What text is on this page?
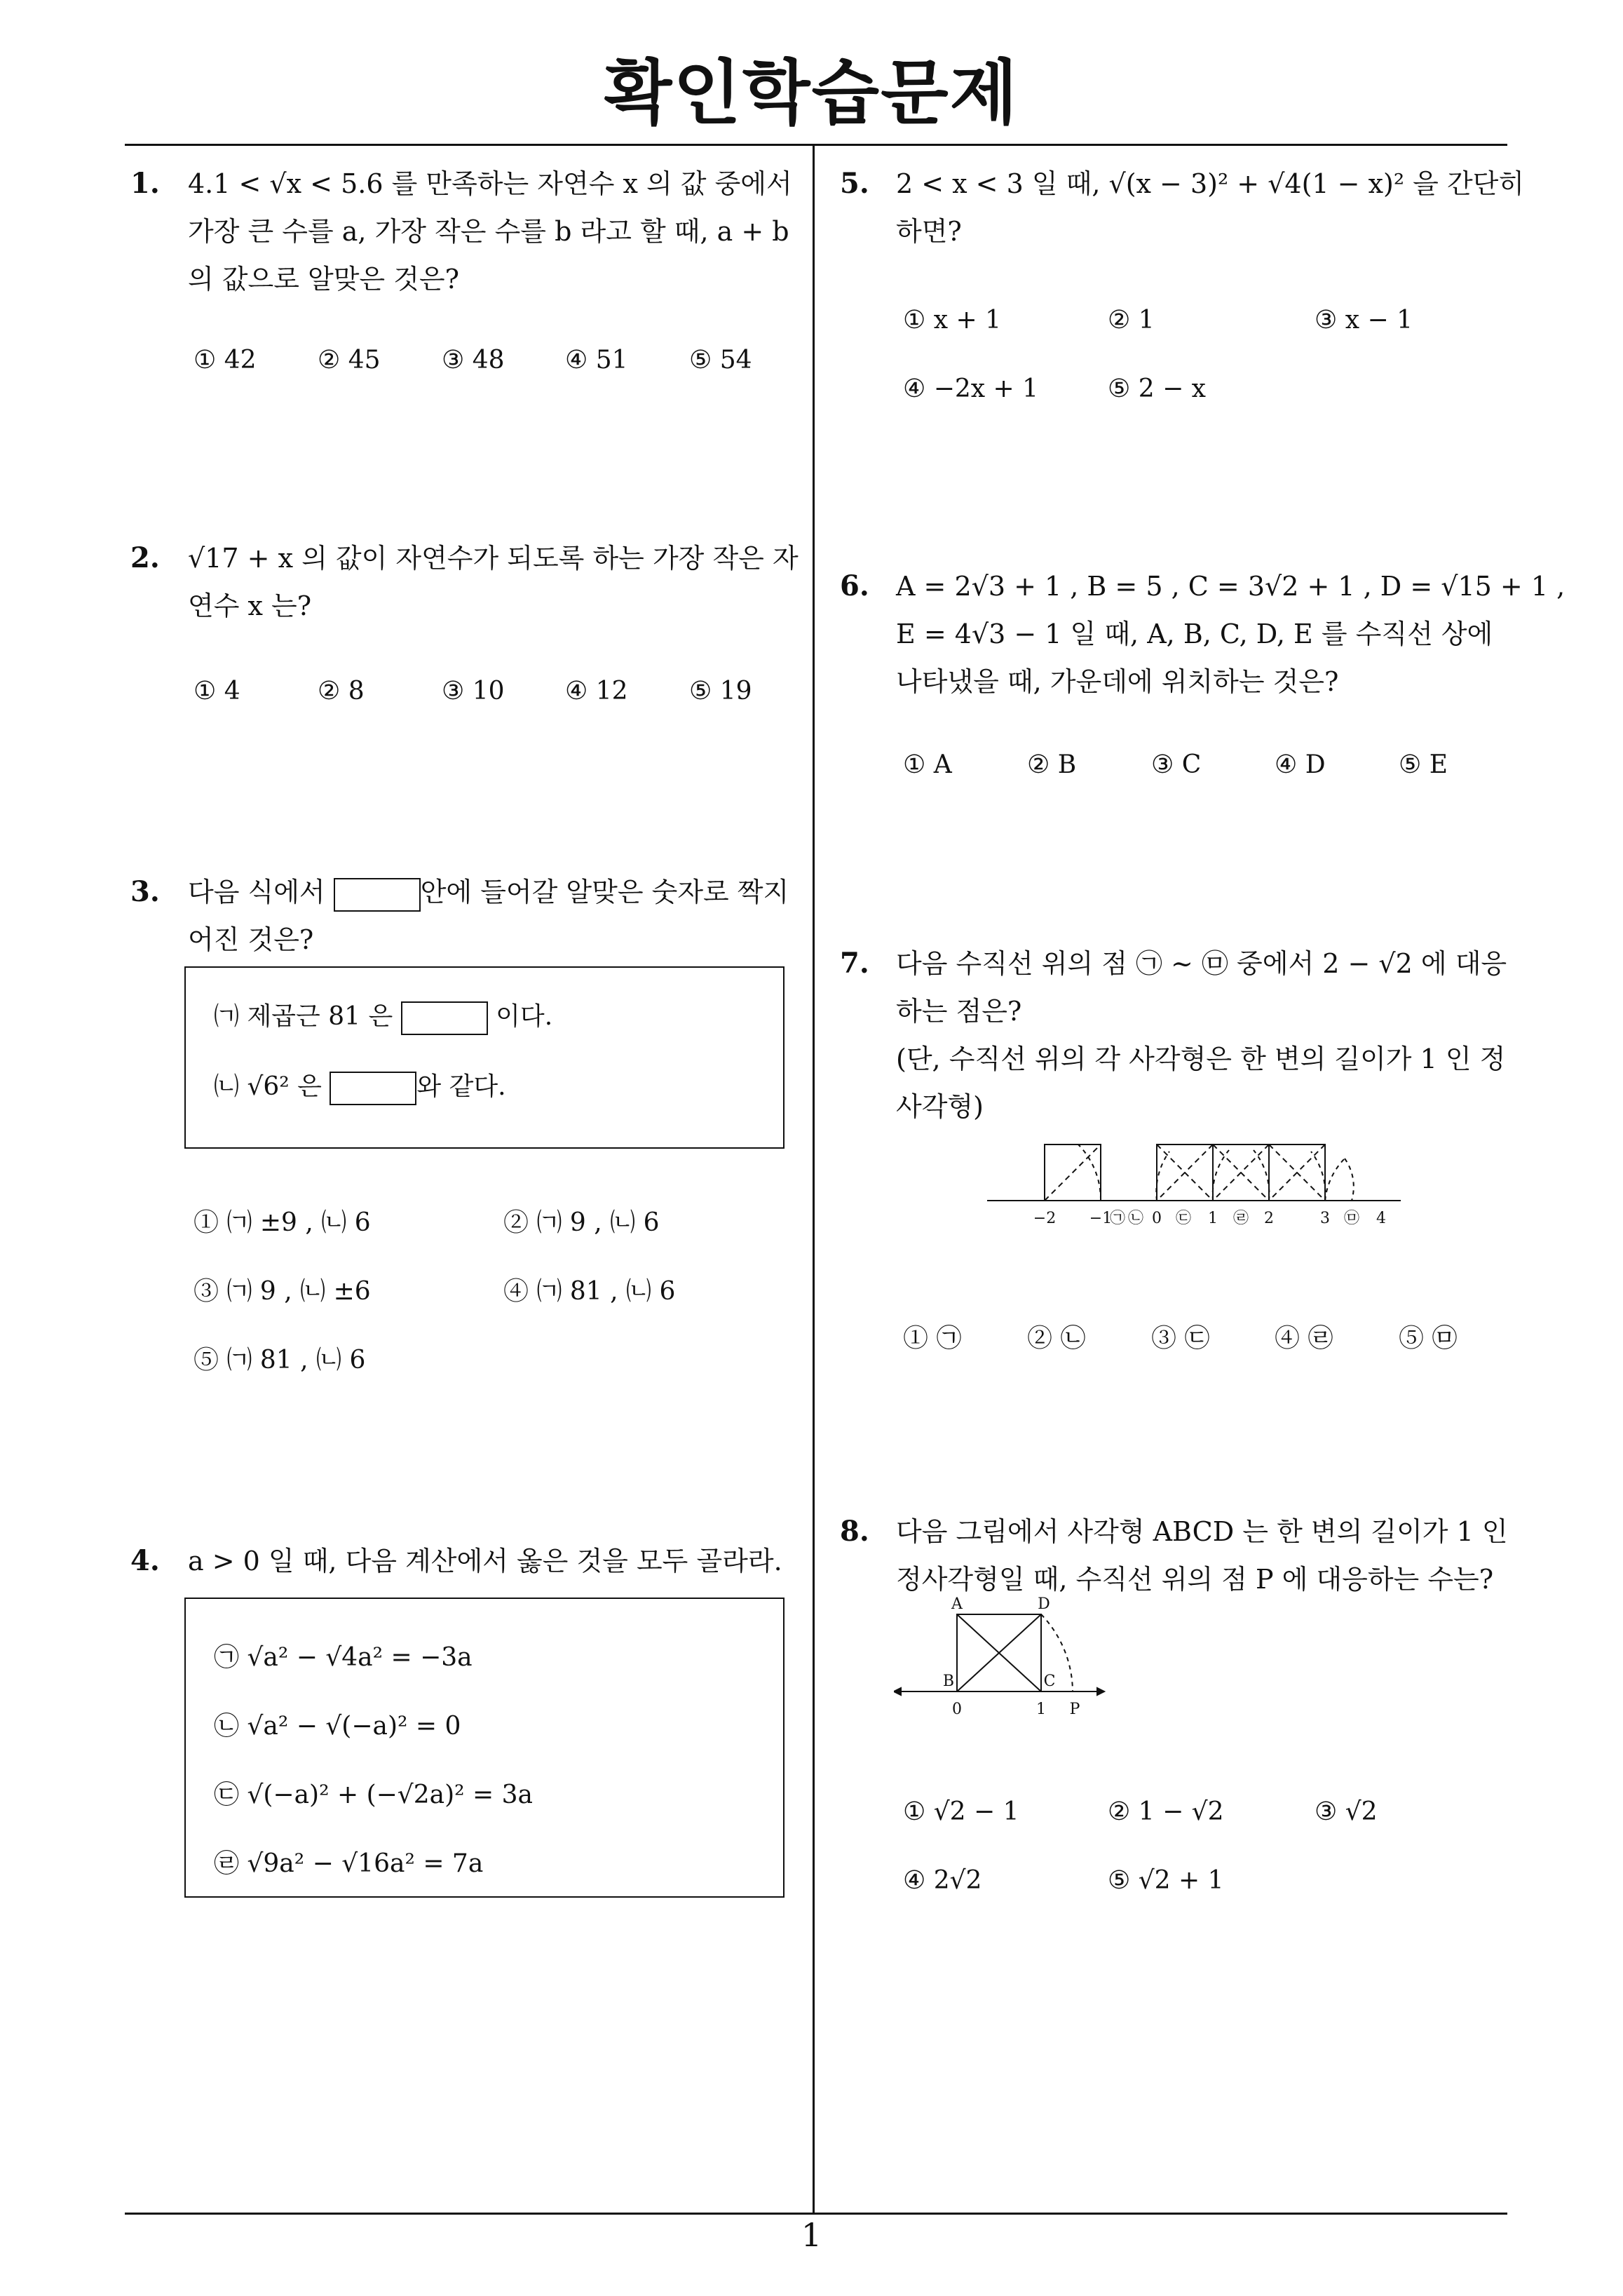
확인학습문제
1. 4.1 < √x < 5.6 를 만족하는 자연수 x 의 값 중에서
가장 큰 수를 a, 가장 작은 수를 b 라고 할 때, a + b
의 값으로 알맞은 것은?
① 42 ② 45 ③ 48 ④ 51 ⑤ 54
2. √17 + x 의 값이 자연수가 되도록 하는 가장 작은 자
연수 x 는?
① 4	② 8	③ 10 ④ 12 ⑤ 19
3. 다음 식에서	안에 들어갈 알맞은 숫자로 짝지
어진 것은?
㈀ 제곱근 81 은	이다.
㈁ √6² 은	와 같다.
① ㈀ ±9 , ㈁ 6	② ㈀ 9 , ㈁ 6
③ ㈀ 9 , ㈁ ±6	④ ㈀ 81 , ㈁ 6
⑤ ㈀ 81 , ㈁ 6
4. a > 0 일 때, 다음 계산에서 옳은 것을 모두 골라라.
㉠ √a² − √4a² = −3a
㉡ √a² − √(−a)² = 0
㉢ √(−a)² + (−√2a)² = 3a
㉣ √9a² − √16a² = 7a
5. 2 < x < 3 일 때, √(x − 3)² + √4(1 − x)² 을 간단히
하면?
① x + 1	② 1	③ x − 1
④ −2x + 1	⑤ 2 − x
6. A = 2√3 + 1 , B = 5 , C = 3√2 + 1 , D = √15 + 1 ,
E = 4√3 − 1 일 때, A, B, C, D, E 를 수직선 상에
나타냈을 때, 가운데에 위치하는 것은?
① A	② B	③ C	④ D	⑤ E
7. 다음 수직선 위의 점 ㉠ ~ ㉤ 중에서 2 − √2 에 대응
하는 점은?
(단, 수직선 위의 각 사각형은 한 변의 길이가 1 인 정
사각형)
−2 −1
㉠ ㉡ 0 ㉢ 1 ㉣ 2	3 ㉤ 4
① ㉠	② ㉡	③ ㉢	④ ㉣	⑤ ㉤
8. 다음 그림에서 사각형 ABCD 는 한 변의 길이가 1 인
정사각형일 때, 수직선 위의 점 P 에 대응하는 수는?
A	D
B	C
0	1 P
① √2 − 1	② 1 − √2	③ √2
④ 2√2	⑤ √2 + 1
1
